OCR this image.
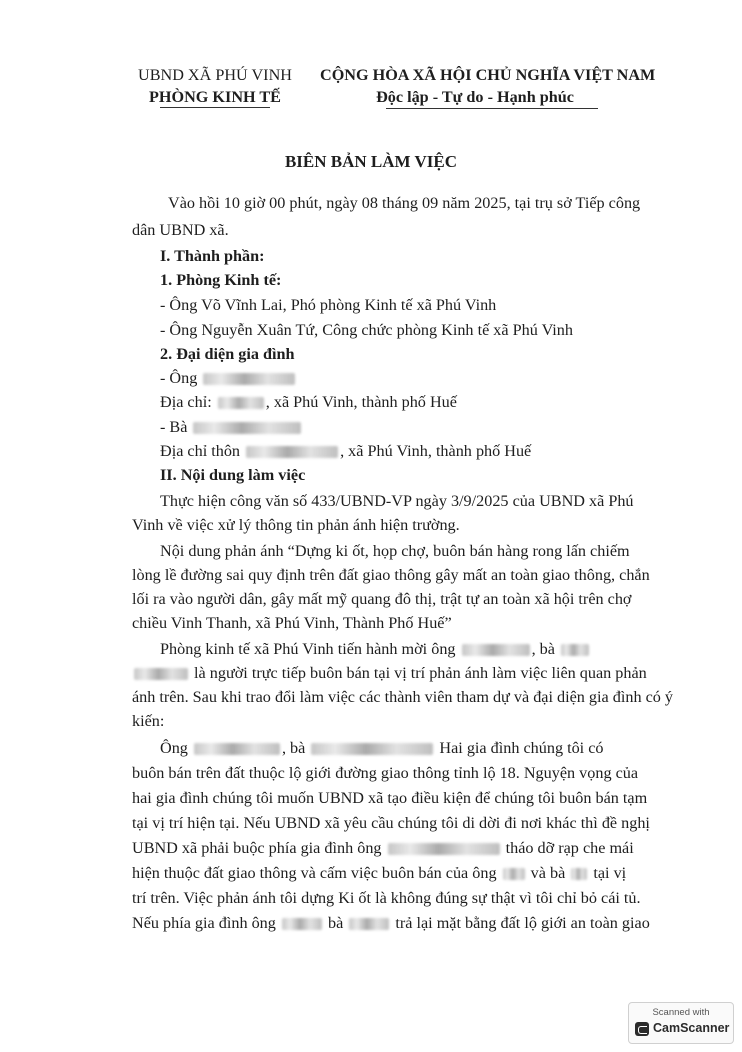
UBND XÃ PHÚ VINH
PHÒNG KINH TẾ
CỘNG HÒA XÃ HỘI CHỦ NGHĨA VIỆT NAM
Độc lập - Tự do - Hạnh phúc
BIÊN BẢN LÀM VIỆC
Vào hồi 10 giờ 00 phút, ngày 08 tháng 09 năm 2025, tại trụ sở Tiếp công
dân UBND xã.
I. Thành phần:
1. Phòng Kinh tế:
- Ông Võ Vĩnh Lai, Phó phòng Kinh tế xã Phú Vinh
- Ông Nguyễn Xuân Tứ, Công chức phòng Kinh tế xã Phú Vinh
2. Đại diện gia đình
- Ông
Địa chỉ:	, xã Phú Vinh, thành phố Huế
- Bà
Địa chỉ thôn	, xã Phú Vinh, thành phố Huế
II. Nội dung làm việc
Thực hiện công văn số 433/UBND-VP ngày 3/9/2025 của UBND xã Phú
Vinh về việc xử lý thông tin phản ánh hiện trường.
Nội dung phản ánh “Dựng ki ốt, họp chợ, buôn bán hàng rong lấn chiếm
lòng lề đường sai quy định trên đất giao thông gây mất an toàn giao thông, chắn
lối ra vào người dân, gây mất mỹ quang đô thị, trật tự an toàn xã hội trên chợ
chiều Vinh Thanh, xã Phú Vinh, Thành Phố Huế”
Phòng kinh tế xã Phú Vinh tiến hành mời ông	, bà
là người trực tiếp buôn bán tại vị trí phản ánh làm việc liên quan phản
ánh trên. Sau khi trao đổi làm việc các thành viên tham dự và đại diện gia đình có ý
kiến:
Ông	, bà	Hai gia đình chúng tôi có
buôn bán trên đất thuộc lộ giới đường giao thông tỉnh lộ 18. Nguyện vọng của
hai gia đình chúng tôi muốn UBND xã tạo điều kiện để chúng tôi buôn bán tạm
tại vị trí hiện tại. Nếu UBND xã yêu cầu chúng tôi di dời đi nơi khác thì đề nghị
UBND xã phải buộc phía gia đình ông	tháo dỡ rạp che mái
hiện thuộc đất giao thông và cấm việc buôn bán của ông và bà tại vị
trí trên. Việc phản ánh tôi dựng Ki ốt là không đúng sự thật vì tôi chỉ bỏ cái tủ.
Nếu phía gia đình ông	bà	trả lại mặt bằng đất lộ giới an toàn giao
Scanned with
CamScanner
